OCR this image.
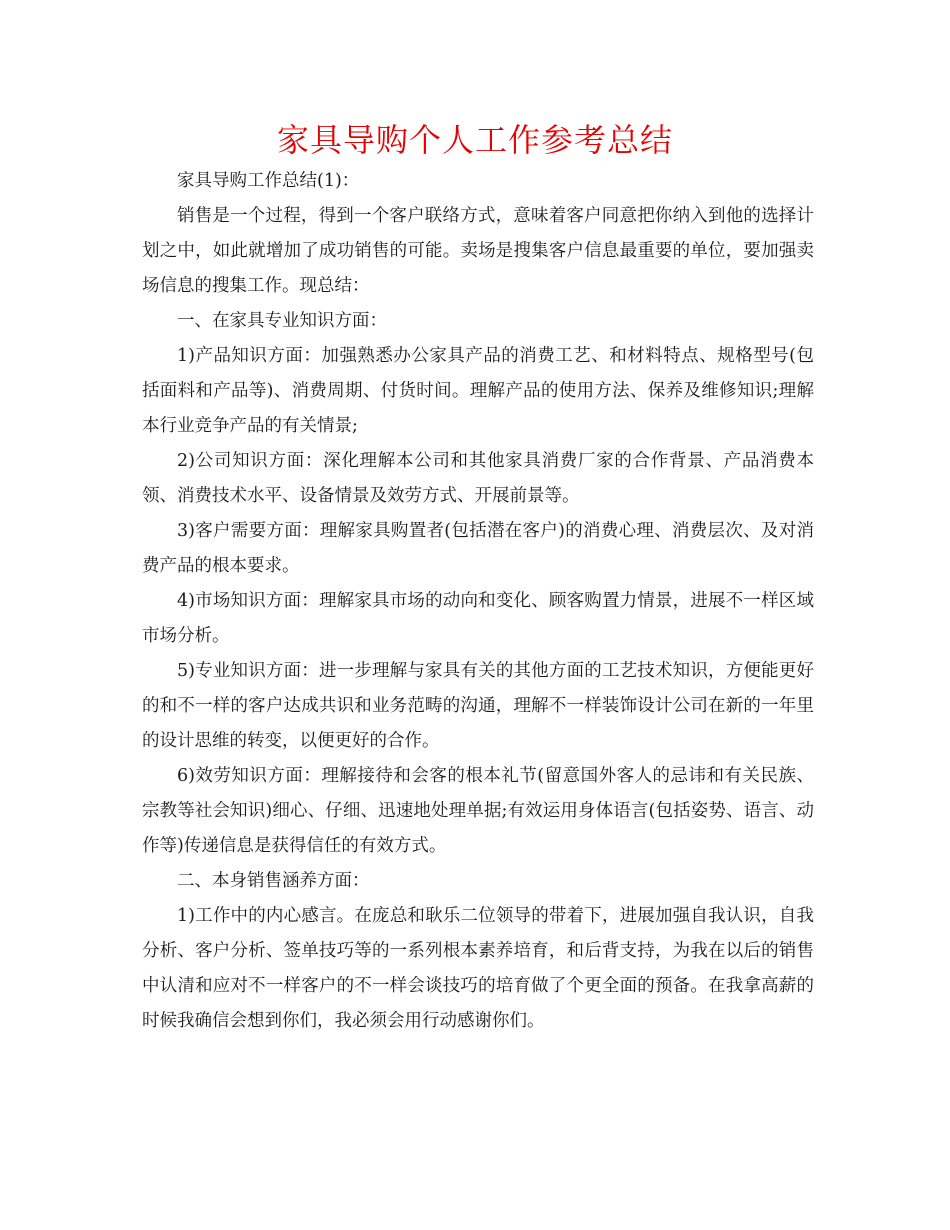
家具导购个人工作参考总结

家具导购工作总结(1)：

销售是一个过程，得到一个客户联络方式，意味着客户同意把你纳入到他的选择计划之中，如此就增加了成功销售的可能。卖场是搜集客户信息最重要的单位，要加强卖场信息的搜集工作。现总结：

一、在家具专业知识方面：

1)产品知识方面：加强熟悉办公家具产品的消费工艺、和材料特点、规格型号(包括面料和产品等)、消费周期、付货时间。理解产品的使用方法、保养及维修知识;理解本行业竞争产品的有关情景;

2)公司知识方面：深化理解本公司和其他家具消费厂家的合作背景、产品消费本领、消费技术水平、设备情景及效劳方式、开展前景等。

3)客户需要方面：理解家具购置者(包括潜在客户)的消费心理、消费层次、及对消费产品的根本要求。

4)市场知识方面：理解家具市场的动向和变化、顾客购置力情景，进展不一样区域市场分析。

5)专业知识方面：进一步理解与家具有关的其他方面的工艺技术知识，方便能更好的和不一样的客户达成共识和业务范畴的沟通，理解不一样装饰设计公司在新的一年里的设计思维的转变，以便更好的合作。

6)效劳知识方面：理解接待和会客的根本礼节(留意国外客人的忌讳和有关民族、宗教等社会知识)细心、仔细、迅速地处理单据;有效运用身体语言(包括姿势、语言、动作等)传递信息是获得信任的有效方式。

二、本身销售涵养方面：

1)工作中的内心感言。在庞总和耿乐二位领导的带着下，进展加强自我认识，自我分析、客户分析、签单技巧等的一系列根本素养培育，和后背支持，为我在以后的销售中认清和应对不一样客户的不一样会谈技巧的培育做了个更全面的预备。在我拿高薪的时候我确信会想到你们，我必须会用行动感谢你们。
